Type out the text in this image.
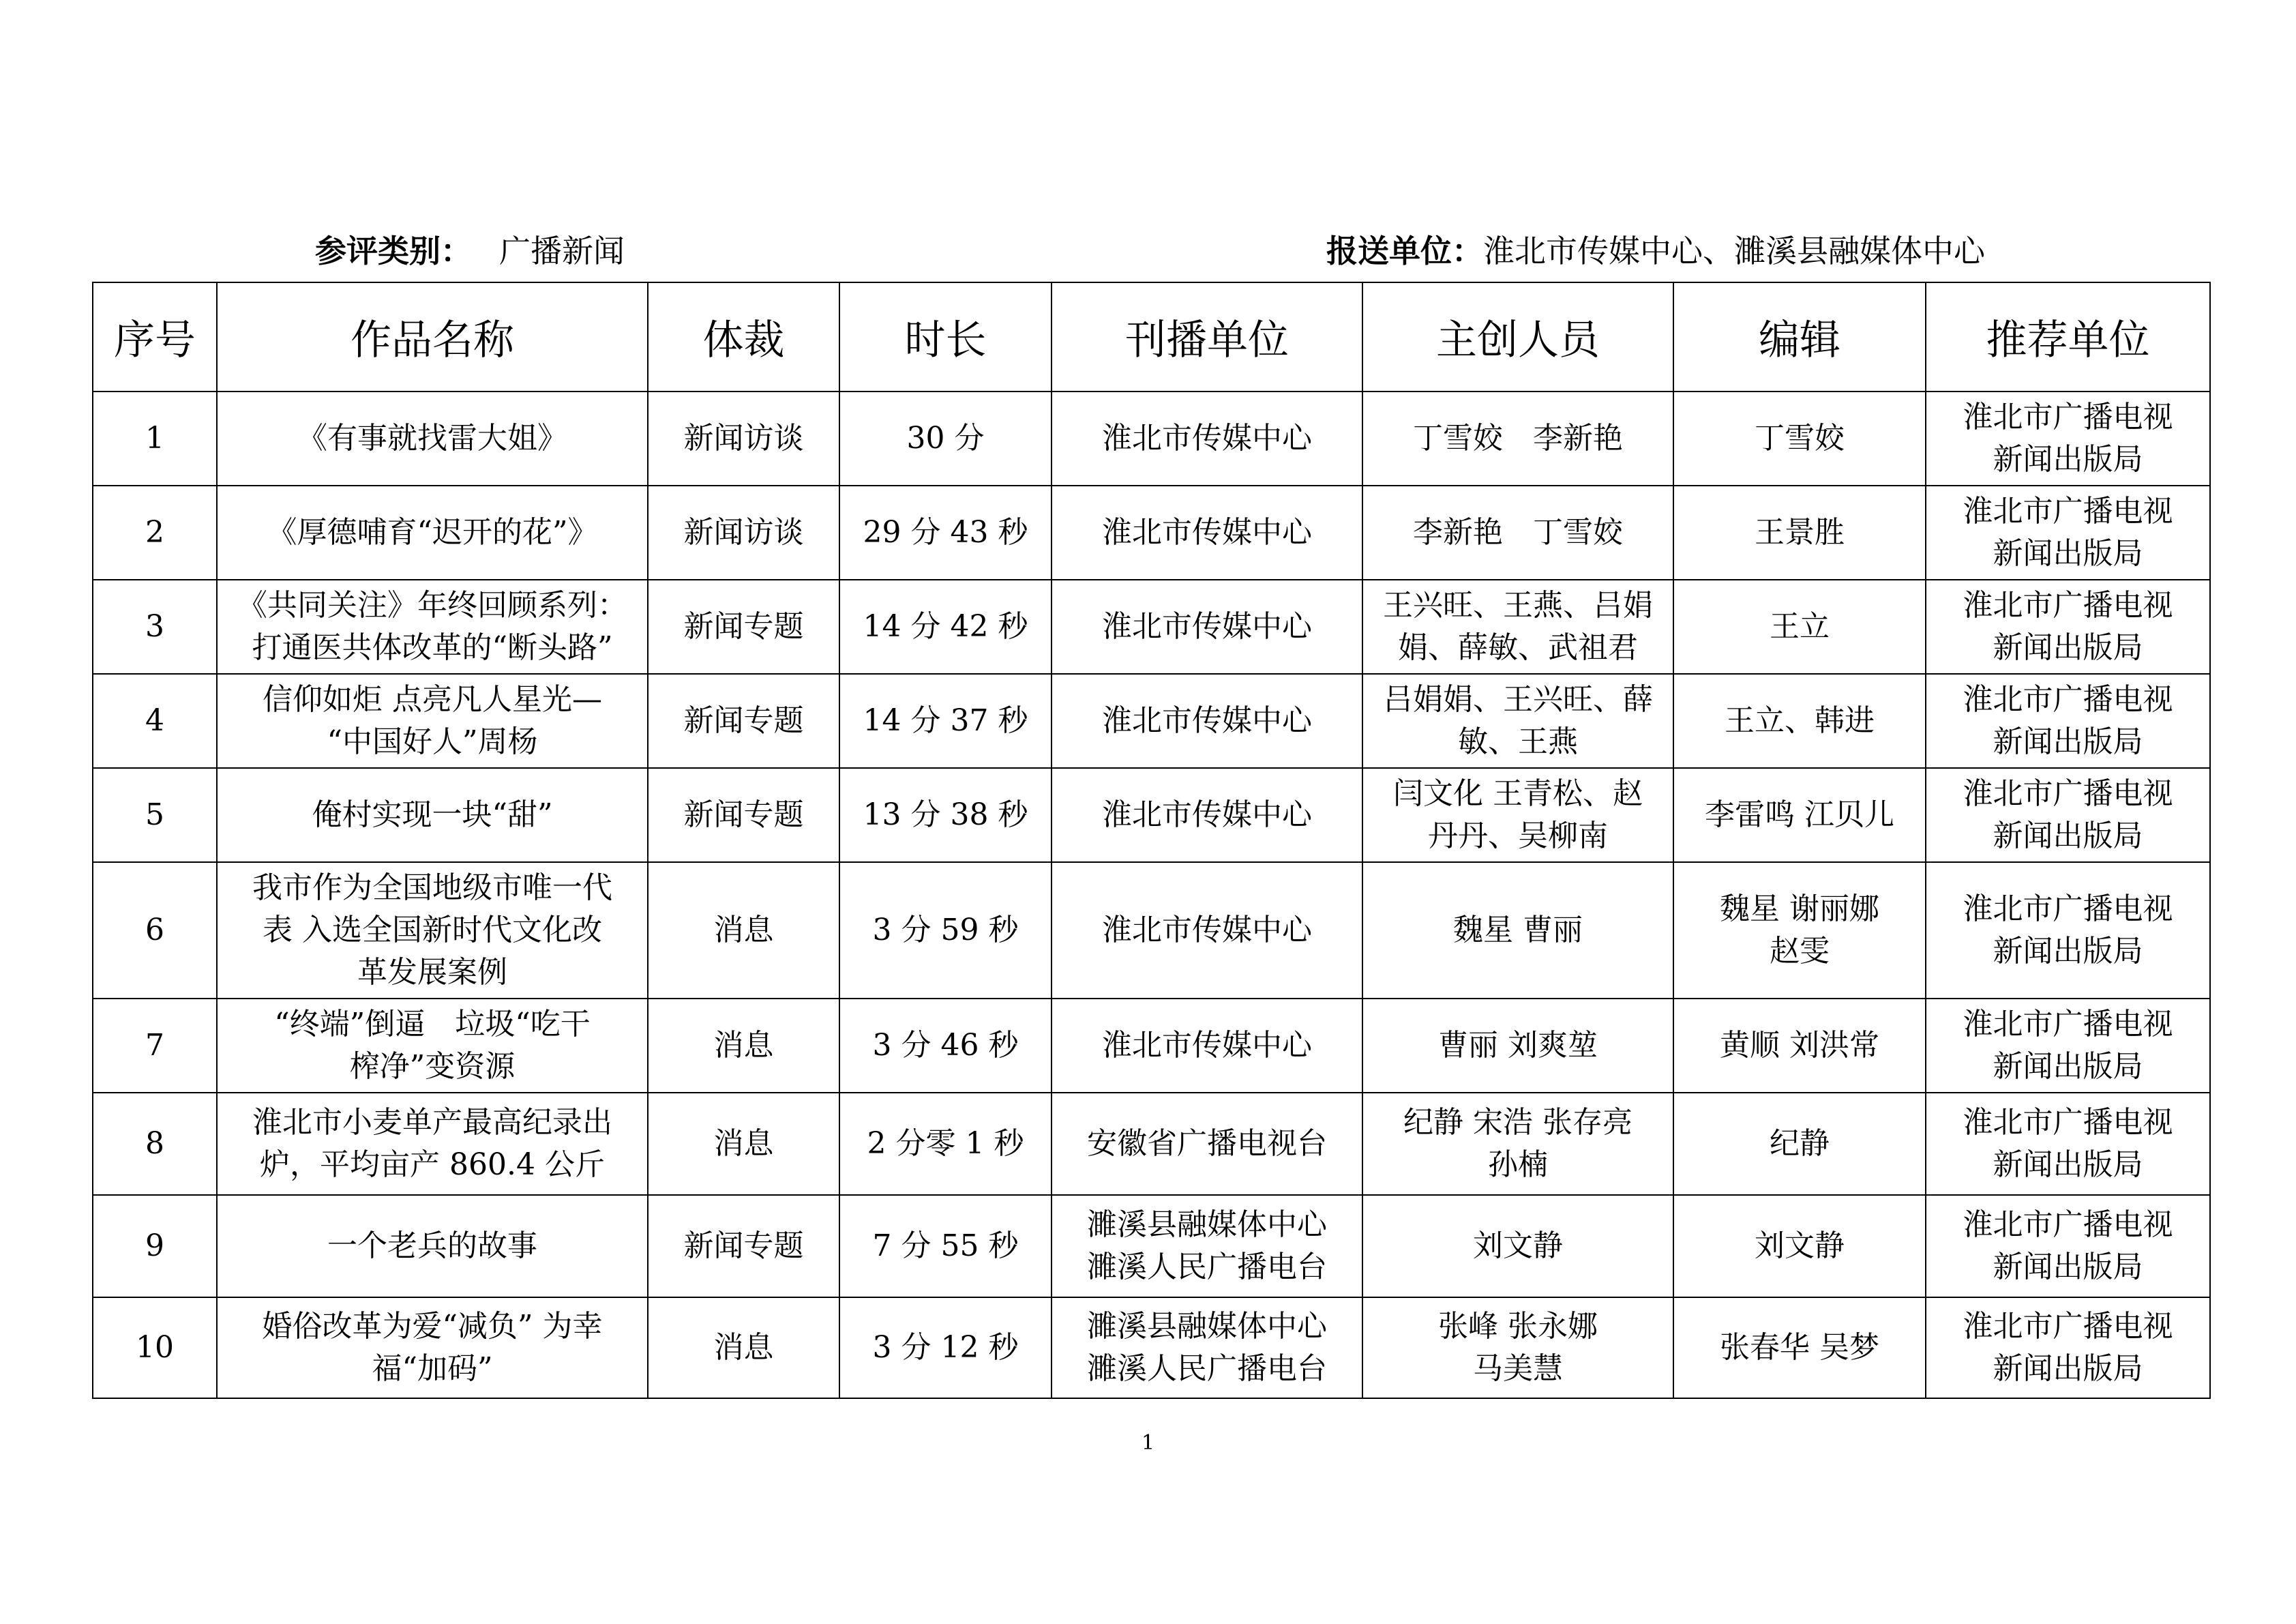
参评类别： 广播新闻	报送单位：淮北市传媒中心、濉溪县融媒体中心
序号	作品名称	体裁	时长	刊播单位	主创人员	编辑	推荐单位
1	《有事就找雷大姐》	新闻访谈	30 分	淮北市传媒中心	丁雪姣　李新艳	丁雪姣	淮北市广播电视
新闻出版局

2	《厚德哺育“迟开的花”》	新闻访谈	29 分 43 秒	淮北市传媒中心	李新艳　丁雪姣	王景胜	淮北市广播电视
新闻出版局

3	《共同关注》年终回顾系列：
打通医共体改革的“断头路”	新闻专题	14 分 42 秒	淮北市传媒中心	王兴旺、王燕、吕娟
娟、薛敏、武祖君	王立	淮北市广播电视
新闻出版局

4	信仰如炬 点亮凡人星光—
“中国好人”周杨	新闻专题	14 分 37 秒	淮北市传媒中心	吕娟娟、王兴旺、薛
敏、王燕	王立、韩进	淮北市广播电视
新闻出版局

5	俺村实现一块“甜”	新闻专题	13 分 38 秒	淮北市传媒中心	闫文化 王青松、赵
丹丹、吴柳南	李雷鸣 江贝儿	淮北市广播电视
新闻出版局

6	我市作为全国地级市唯一代
表 入选全国新时代文化改
革发展案例	消息	3 分 59 秒	淮北市传媒中心	魏星 曹丽	魏星 谢丽娜
赵雯	淮北市广播电视
新闻出版局

7	“终端”倒逼　垃圾“吃干
榨净”变资源	消息	3 分 46 秒	淮北市传媒中心	曹丽 刘爽堃	黄顺 刘洪常	淮北市广播电视
新闻出版局

8	淮北市小麦单产最高纪录出
炉，平均亩产 860.4 公斤	消息	2 分零 1 秒	安徽省广播电视台	纪静 宋浩 张存亮
孙楠	纪静	淮北市广播电视
新闻出版局

9	一个老兵的故事	新闻专题	7 分 55 秒	濉溪县融媒体中心
濉溪人民广播电台	刘文静	刘文静	淮北市广播电视
新闻出版局

10	婚俗改革为爱“减负” 为幸
福“加码”	消息	3 分 12 秒	濉溪县融媒体中心
濉溪人民广播电台	张峰 张永娜
马美慧	张春华 吴梦	淮北市广播电视
新闻出版局
1
